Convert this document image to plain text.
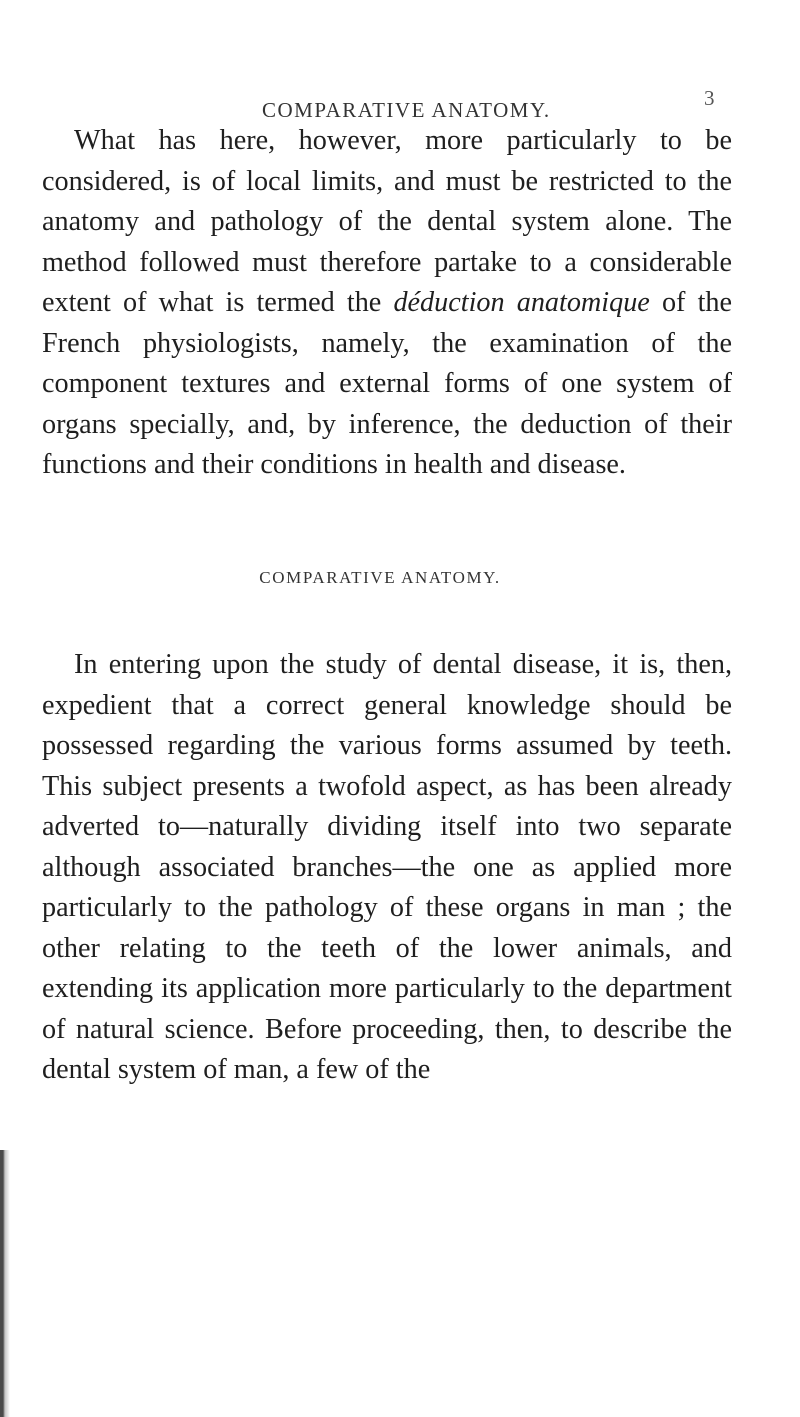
COMPARATIVE ANATOMY.	3

What has here, however, more particularly to be considered, is of local limits, and must be restricted to the anatomy and pathology of the dental system alone. The method followed must therefore partake to a considerable extent of what is termed the déduction anatomique of the French physiologists, namely, the examination of the component textures and external forms of one system of organs specially, and, by inference, the deduction of their functions and their conditions in health and disease.

COMPARATIVE ANATOMY.

In entering upon the study of dental disease, it is, then, expedient that a correct general knowledge should be possessed regarding the various forms assumed by teeth. This subject presents a twofold aspect, as has been already adverted to—naturally dividing itself into two separate although associated branches—the one as applied more particularly to the pathology of these organs in man ; the other relating to the teeth of the lower animals, and extending its application more particularly to the department of natural science. Before proceeding, then, to describe the dental system of man, a few of the
